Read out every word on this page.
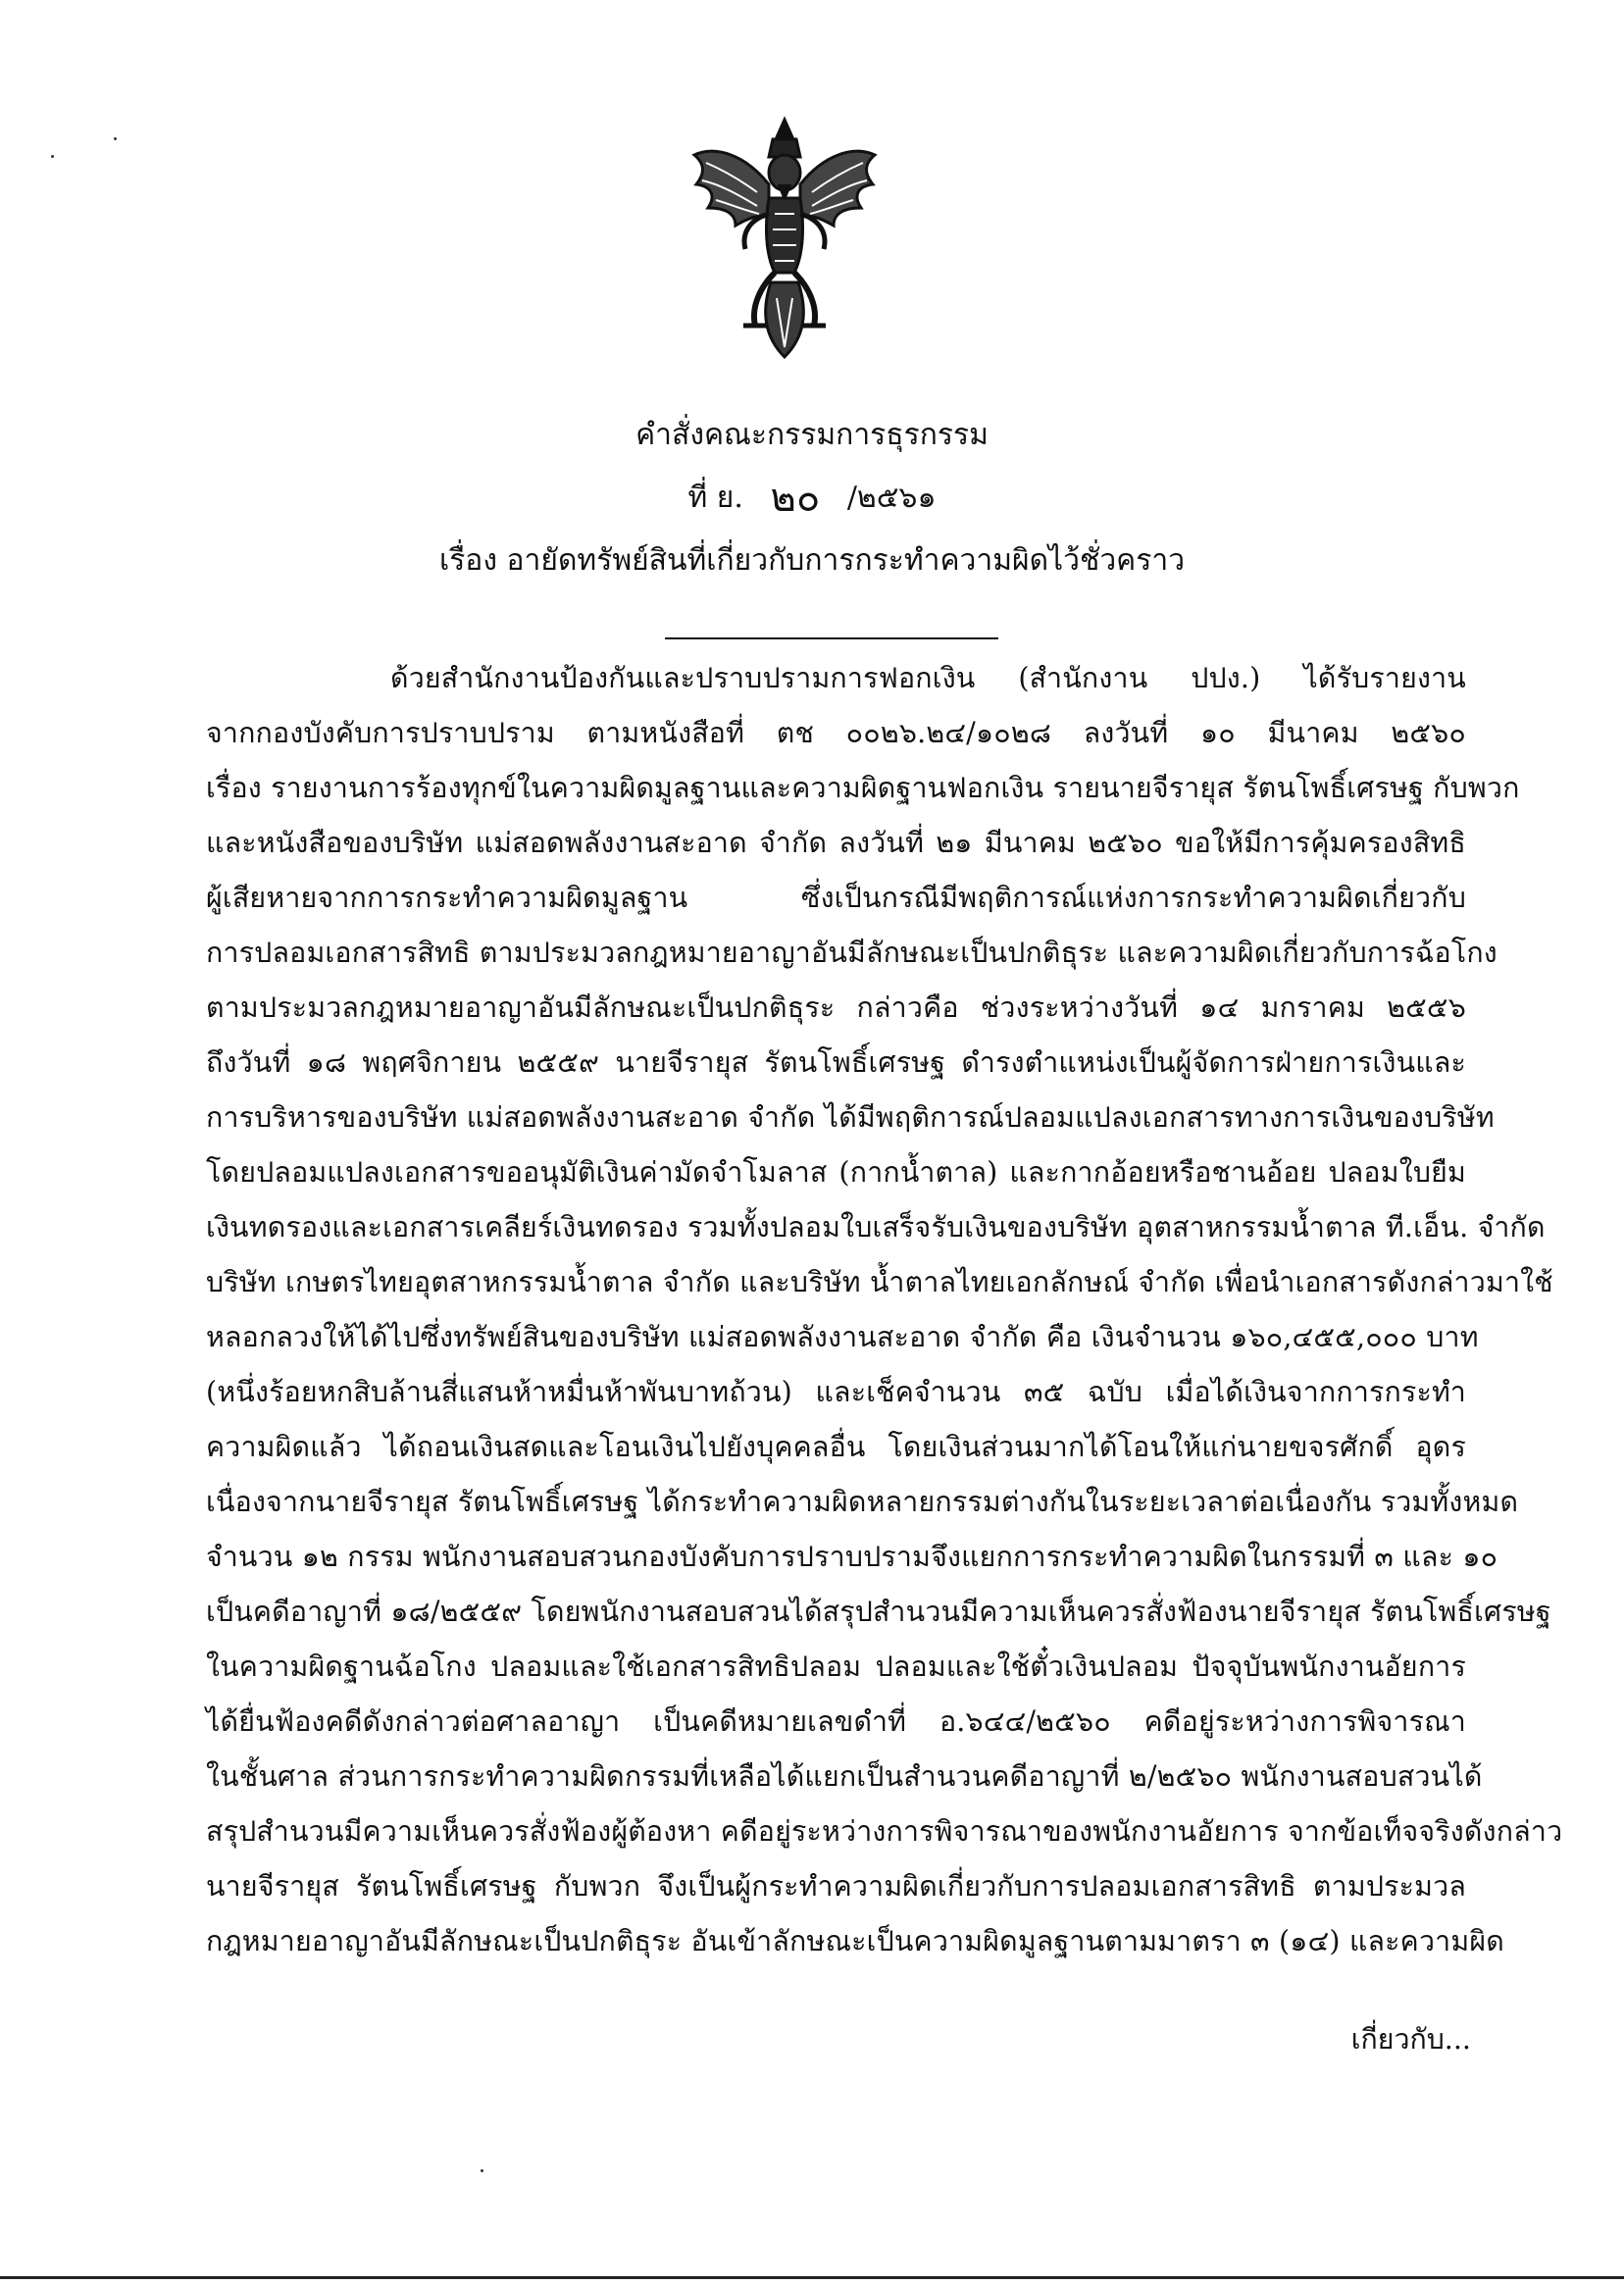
คำสั่งคณะกรรมการธุรกรรม
ที่ ย. ๒๐ /๒๕๖๑
เรื่อง อายัดทรัพย์สินที่เกี่ยวกับการกระทำความผิดไว้ชั่วคราว
ด้วยสำนักงานป้องกันและปราบปรามการฟอกเงิน (สำนักงาน ปปง.) ได้รับรายงาน
จากกองบังคับการปราบปราม ตามหนังสือที่ ตช ๐๐๒๖.๒๔/๑๐๒๘ ลงวันที่ ๑๐ มีนาคม ๒๕๖๐
เรื่อง รายงานการร้องทุกข์ในความผิดมูลฐานและความผิดฐานฟอกเงิน รายนายจีรายุส รัตนโพธิ์เศรษฐ กับพวก
และหนังสือของบริษัท แม่สอดพลังงานสะอาด จำกัด ลงวันที่ ๒๑ มีนาคม ๒๕๖๐ ขอให้มีการคุ้มครองสิทธิ
ผู้เสียหายจากการกระทำความผิดมูลฐาน ซึ่งเป็นกรณีมีพฤติการณ์แห่งการกระทำความผิดเกี่ยวกับ
การปลอมเอกสารสิทธิ ตามประมวลกฎหมายอาญาอันมีลักษณะเป็นปกติธุระ และความผิดเกี่ยวกับการฉ้อโกง
ตามประมวลกฎหมายอาญาอันมีลักษณะเป็นปกติธุระ กล่าวคือ ช่วงระหว่างวันที่ ๑๔ มกราคม ๒๕๕๖
ถึงวันที่ ๑๘ พฤศจิกายน ๒๕๕๙ นายจีรายุส รัตนโพธิ์เศรษฐ ดำรงตำแหน่งเป็นผู้จัดการฝ่ายการเงินและ
การบริหารของบริษัท แม่สอดพลังงานสะอาด จำกัด ได้มีพฤติการณ์ปลอมแปลงเอกสารทางการเงินของบริษัท
โดยปลอมแปลงเอกสารขออนุมัติเงินค่ามัดจำโมลาส (กากน้ำตาล) และกากอ้อยหรือชานอ้อย ปลอมใบยืม
เงินทดรองและเอกสารเคลียร์เงินทดรอง รวมทั้งปลอมใบเสร็จรับเงินของบริษัท อุตสาหกรรมน้ำตาล ที.เอ็น. จำกัด
บริษัท เกษตรไทยอุตสาหกรรมน้ำตาล จำกัด และบริษัท น้ำตาลไทยเอกลักษณ์ จำกัด เพื่อนำเอกสารดังกล่าวมาใช้
หลอกลวงให้ได้ไปซึ่งทรัพย์สินของบริษัท แม่สอดพลังงานสะอาด จำกัด คือ เงินจำนวน ๑๖๐,๔๕๕,๐๐๐ บาท
(หนึ่งร้อยหกสิบล้านสี่แสนห้าหมื่นห้าพันบาทถ้วน) และเช็คจำนวน ๓๕ ฉบับ เมื่อได้เงินจากการกระทำ
ความผิดแล้ว ได้ถอนเงินสดและโอนเงินไปยังบุคคลอื่น โดยเงินส่วนมากได้โอนให้แก่นายขจรศักดิ์ อุดร
เนื่องจากนายจีรายุส รัตนโพธิ์เศรษฐ ได้กระทำความผิดหลายกรรมต่างกันในระยะเวลาต่อเนื่องกัน รวมทั้งหมด
จำนวน ๑๒ กรรม พนักงานสอบสวนกองบังคับการปราบปรามจึงแยกการกระทำความผิดในกรรมที่ ๓ และ ๑๐
เป็นคดีอาญาที่ ๑๘/๒๕๕๙ โดยพนักงานสอบสวนได้สรุปสำนวนมีความเห็นควรสั่งฟ้องนายจีรายุส รัตนโพธิ์เศรษฐ
ในความผิดฐานฉ้อโกง ปลอมและใช้เอกสารสิทธิปลอม ปลอมและใช้ตั๋วเงินปลอม ปัจจุบันพนักงานอัยการ
ได้ยื่นฟ้องคดีดังกล่าวต่อศาลอาญา เป็นคดีหมายเลขดำที่ อ.๖๔๔/๒๕๖๐ คดีอยู่ระหว่างการพิจารณา
ในชั้นศาล ส่วนการกระทำความผิดกรรมที่เหลือได้แยกเป็นสำนวนคดีอาญาที่ ๒/๒๕๖๐ พนักงานสอบสวนได้
สรุปสำนวนมีความเห็นควรสั่งฟ้องผู้ต้องหา คดีอยู่ระหว่างการพิจารณาของพนักงานอัยการ จากข้อเท็จจริงดังกล่าว
นายจีรายุส รัตนโพธิ์เศรษฐ กับพวก จึงเป็นผู้กระทำความผิดเกี่ยวกับการปลอมเอกสารสิทธิ ตามประมวล
กฎหมายอาญาอันมีลักษณะเป็นปกติธุระ อันเข้าลักษณะเป็นความผิดมูลฐานตามมาตรา ๓ (๑๔) และความผิด
เกี่ยวกับ...
